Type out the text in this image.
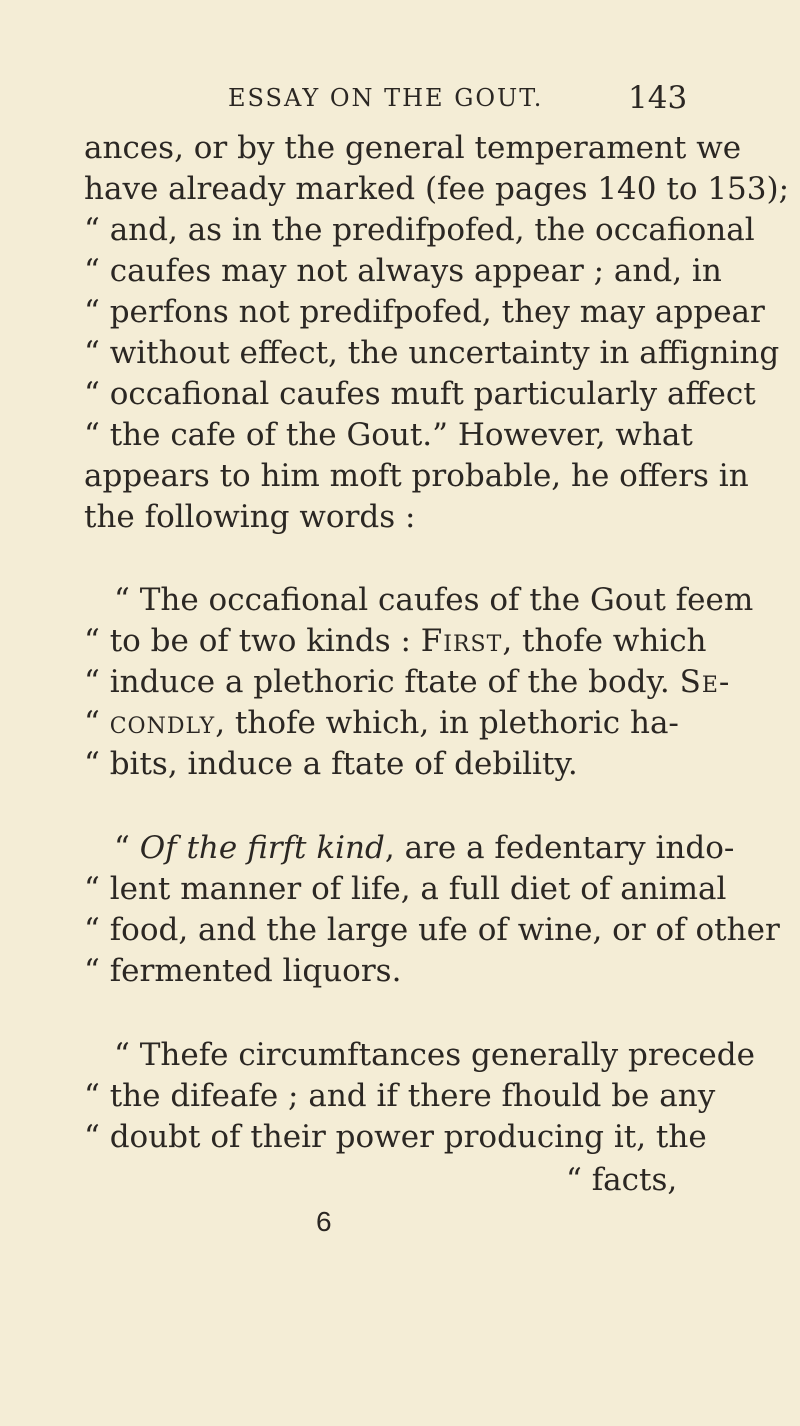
ESSAY ON THE GOUT.	143
ances, or by the general temperament we
have already marked (fee pages 140 to 153);
“ and, as in the predifpofed, the occafional
“ caufes may not always appear ; and, in
“ perfons not predifpofed, they may appear
“ without effect, the uncertainty in affigning
“ occafional caufes muft particularly affect
“ the cafe of the Gout.” However, what
appears to him moft probable, he offers in
the following words :
“ The occafional caufes of the Gout feem
“ to be of two kinds : First, thofe which
“ induce a plethoric ftate of the body. Se-
“ condly, thofe which, in plethoric ha-
“ bits, induce a ftate of debility.
“ Of the firft kind, are a fedentary indo-
“ lent manner of life, a full diet of animal
“ food, and the large ufe of wine, or of other
“ fermented liquors.
“ Thefe circumftances generally precede
“ the difeafe ; and if there fhould be any
“ doubt of their power producing it, the
“ facts,
6
